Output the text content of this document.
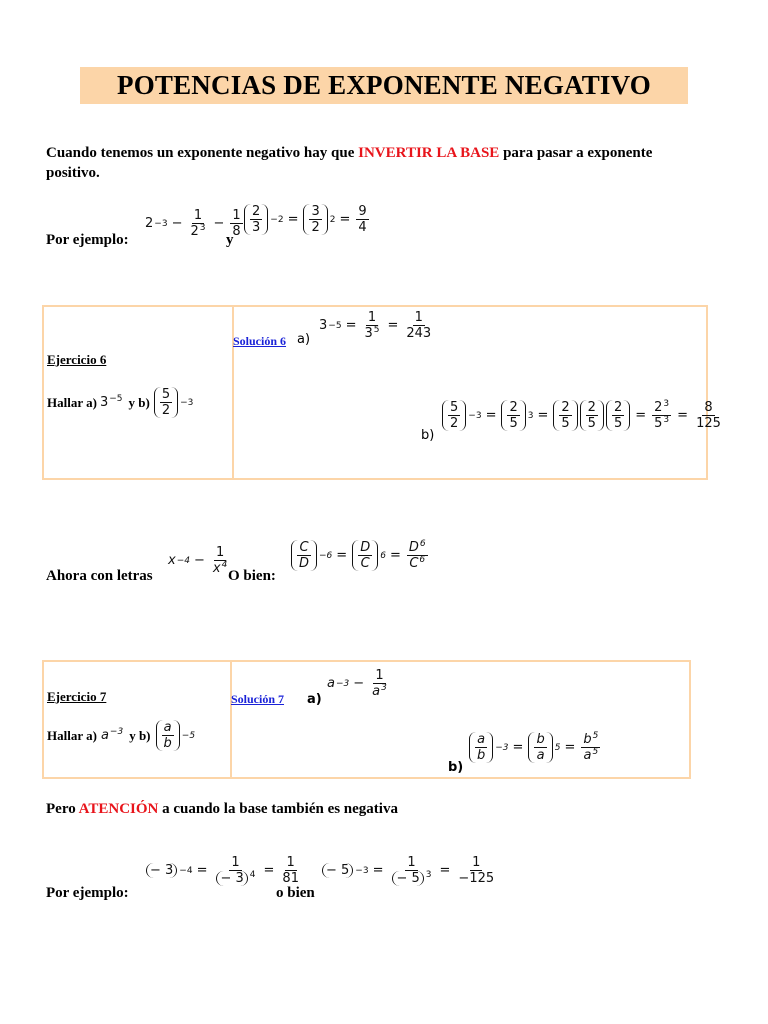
POTENCIAS DE EXPONENTE NEGATIVO
Cuando tenemos un exponente negativo hay que INVERTIR LA BASE para pasar a exponente positivo.
Por ejemplo:
$2 -3 - \frac{1}{2^3} - \frac{1}{8}$
y
$\frac{2}{3} -2 = \frac{3}{2} 2 = \frac{9}{4}$
Ejercicio 6
Hallar a) $3^{-5}$ y $b) \frac{5}{2} -3$
Solución 6 a)
$3 -5 = \frac{1}{3^5} = \frac{1}{243}$
b)
$\frac{5}{2} -3 = \frac{2}{5} 3 = \frac{2}{5} \frac{2}{5} \frac{2}{5} = \frac{2^3}{5^3} = \frac{8}{125}$
Ahora con letras
$x -4 - \frac{1}{x^4}$
O bien:
$\frac{C}{D} -6 = \frac{D}{C} 6 = \frac{D^6}{C^6}$
Ejercicio 7
Hallar a) $a^{-3}$ y $b) \frac{a}{b} -5$
Solución 7 a)
$a -3 - \frac{1}{a^3}$
b)
$\frac{a}{b} -3 = \frac{b}{a} 5 = \frac{b^5}{a^5}$
Pero ATENCIÓN a cuando la base también es negativa
Por ejemplo:
− $3 -4 = \frac{1}{- 3 ^4} = \frac{1}{81}$
o bien
− $5 -3 = \frac{1}{- 5 ^3} = \frac{1}{-125}$
